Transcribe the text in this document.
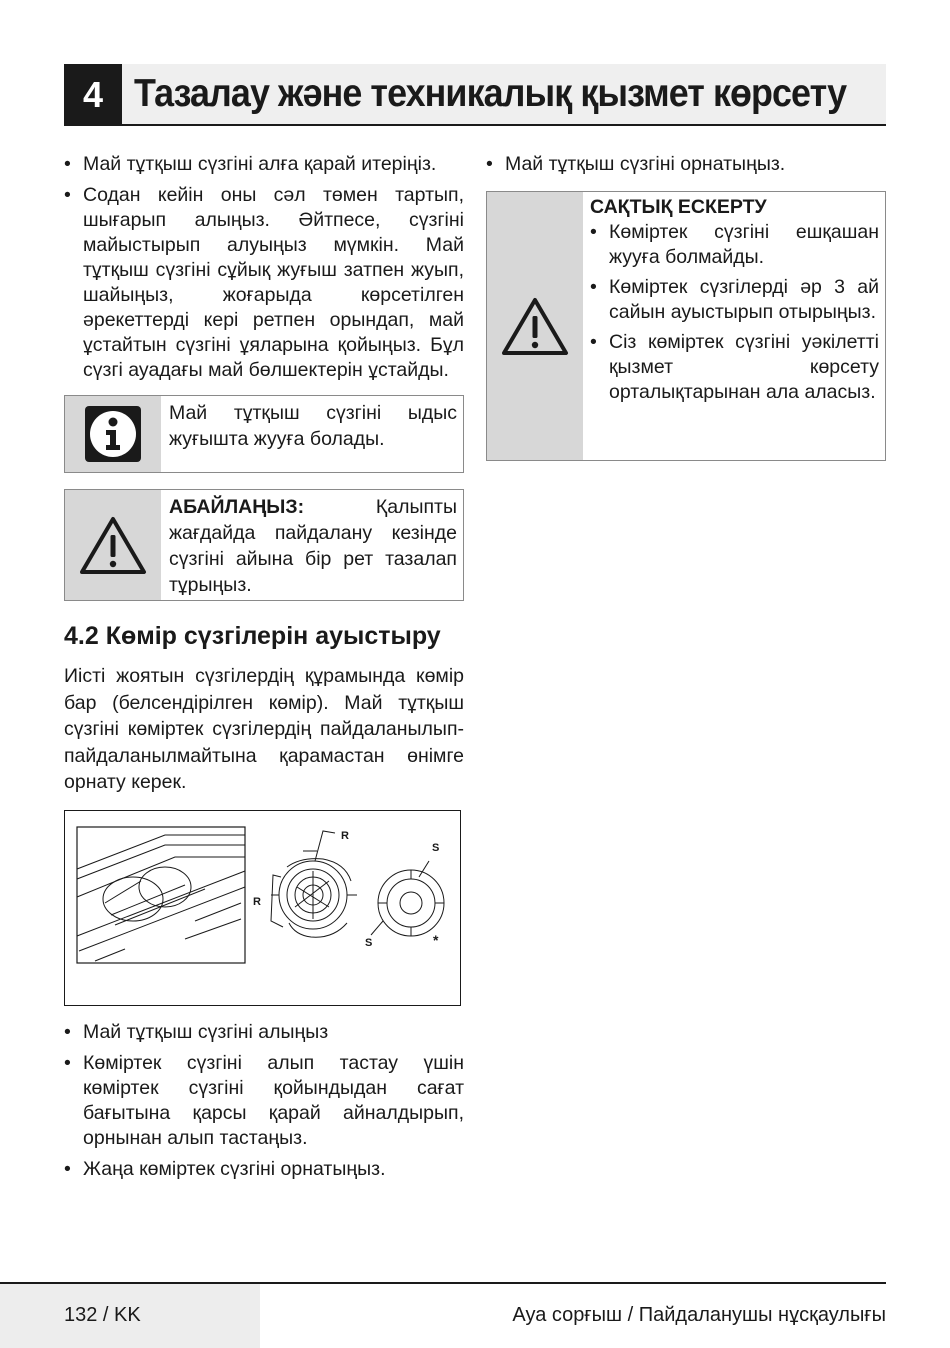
4 Тазалау және техникалық қызмет көрсету
• Май тұтқыш сүзгіні алға қарай итеріңіз.
• Содан кейін оны сәл төмен тартып, шығарып алыңыз. Әйтпесе, сүзгіні майыстырып алуыңыз мүмкін. Май тұтқыш сүзгіні сұйық жуғыш затпен жуып, шайыңыз, жоғарыда көрсетілген әрекеттерді кері ретпен орындап, май ұстайтын сүзгіні ұяларына қойыңыз. Бұл сүзгі ауадағы май бөлшектерін ұстайды.
Май тұтқыш сүзгіні ыдыс жуғышта жууға болады.
АБАЙЛАҢЫЗ:	Қалыпты жағдайда пайдалану кезінде сүзгіні айына бір рет тазалап тұрыңыз.
4.2 Көмір сүзгілерін ауыстыру
Иісті жоятын сүзгілердің құрамында көмір бар (белсендірілген көмір). Май тұтқыш сүзгіні көміртек сүзгілердің пайдаланылып-пайдаланылмайтына қарамастан өнімге орнату керек.
R
R
S
S	*
• Май тұтқыш сүзгіні алыңыз
• Көміртек сүзгіні алып тастау үшін көміртек сүзгіні қойындыдан сағат бағытына қарсы қарай айналдырып, орнынан алып тастаңыз.
• Жаңа көміртек сүзгіні орнатыңыз.
• Май тұтқыш сүзгіні орнатыңыз.
САҚТЫҚ ЕСКЕРТУ
• Көміртек сүзгіні ешқашан жууға болмайды.
• Көміртек сүзгілерді әр 3 ай сайын ауыстырып отырыңыз.
• Сіз көміртек сүзгіні уәкілетті қызмет көрсету орталықтарынан ала аласыз.
132 / KK	Ауа сорғыш / Пайдаланушы нұсқаулығы
